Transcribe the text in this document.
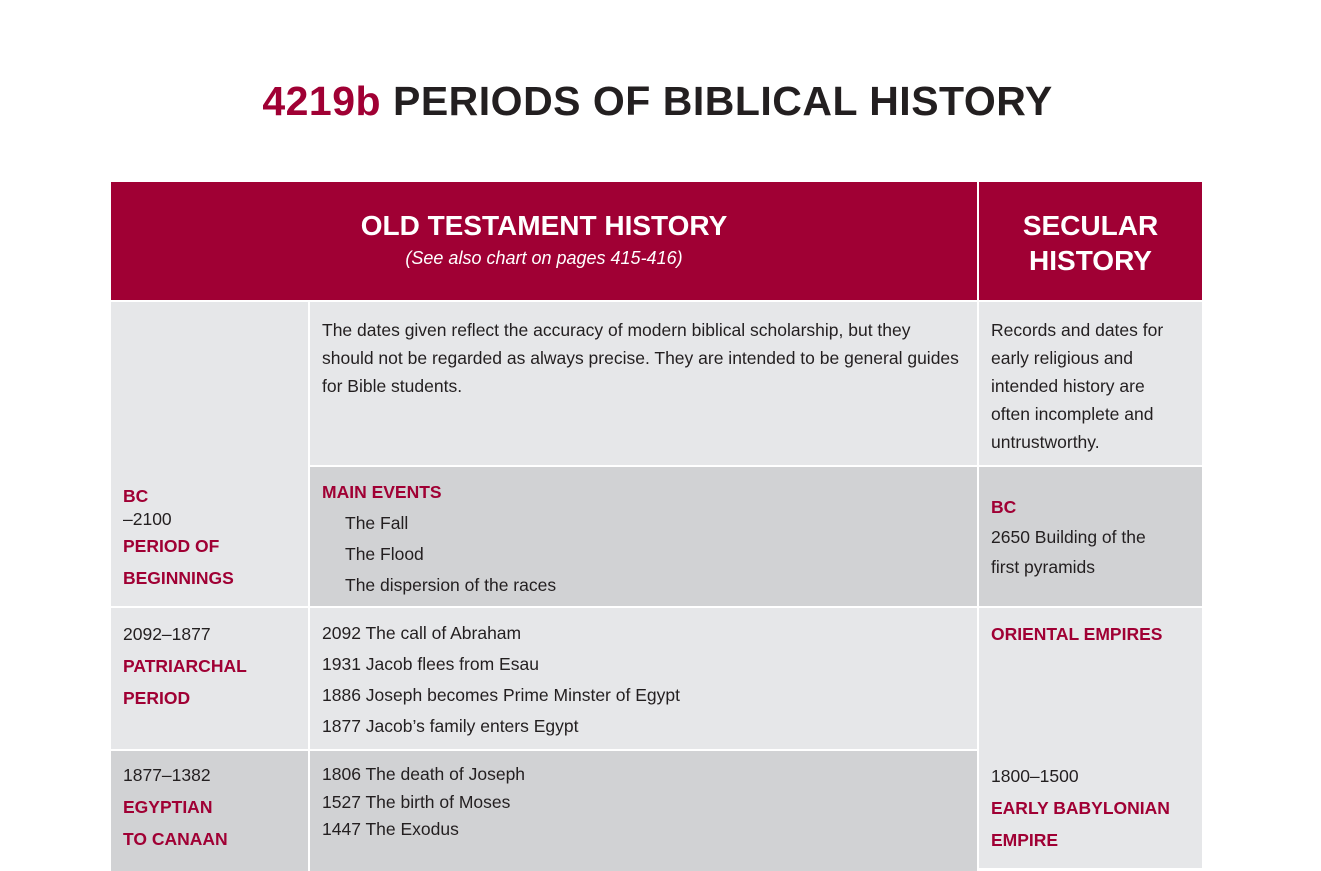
4219b PERIODS OF BIBLICAL HISTORY
OLD TESTAMENT HISTORY
(See also chart on pages 415-416)
SECULAR
HISTORY
BC
–2100
PERIOD OF
BEGINNINGS
The dates given reflect the accuracy of modern biblical scholarship, but they should not be regarded as always precise. They are intended to be general guides for Bible students.
Records and dates for early religious and intended history are often incomplete and untrustworthy.
MAIN EVENTS
The Fall
The Flood
The dispersion of the races
BC
2650 Building of the
first pyramids
2092–1877
PATRIARCHAL
PERIOD
2092 The call of Abraham
1931 Jacob flees from Esau
1886 Joseph becomes Prime Minster of Egypt
1877 Jacob’s family enters Egypt
ORIENTAL EMPIRES
1800–1500
EARLY BABYLONIAN
EMPIRE
1877–1382
EGYPTIAN
TO CANAAN
1806 The death of Joseph
1527 The birth of Moses
1447 The Exodus
